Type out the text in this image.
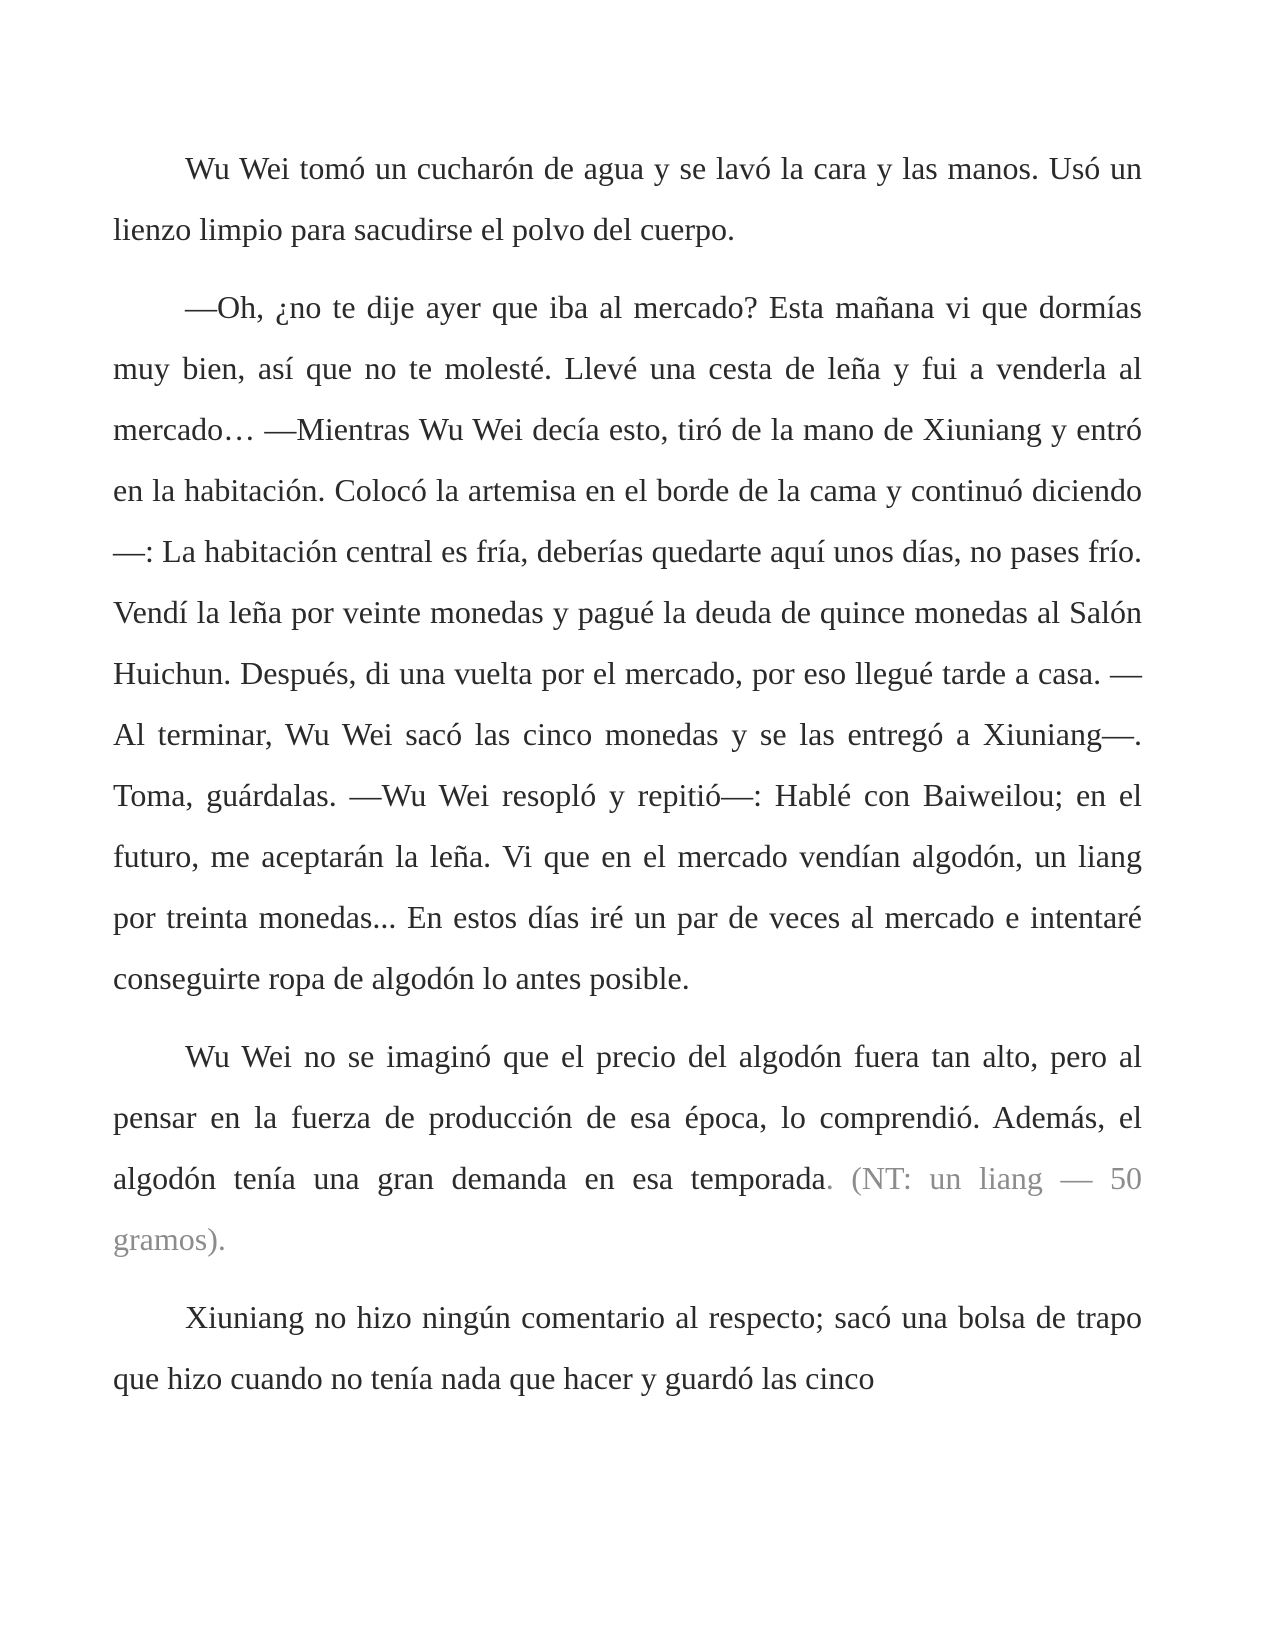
Wu Wei tomó un cucharón de agua y se lavó la cara y las manos. Usó un lienzo limpio para sacudirse el polvo del cuerpo.

—Oh, ¿no te dije ayer que iba al mercado? Esta mañana vi que dormías muy bien, así que no te molesté. Llevé una cesta de leña y fui a venderla al mercado… —Mientras Wu Wei decía esto, tiró de la mano de Xiuniang y entró en la habitación. Colocó la artemisa en el borde de la cama y continuó diciendo—: La habitación central es fría, deberías quedarte aquí unos días, no pases frío. Vendí la leña por veinte monedas y pagué la deuda de quince monedas al Salón Huichun. Después, di una vuelta por el mercado, por eso llegué tarde a casa. —Al terminar, Wu Wei sacó las cinco monedas y se las entregó a Xiuniang—. Toma, guárdalas. —Wu Wei resopló y repitió—: Hablé con Baiweilou; en el futuro, me aceptarán la leña. Vi que en el mercado vendían algodón, un liang por treinta monedas... En estos días iré un par de veces al mercado e intentaré conseguirte ropa de algodón lo antes posible.

Wu Wei no se imaginó que el precio del algodón fuera tan alto, pero al pensar en la fuerza de producción de esa época, lo comprendió. Además, el algodón tenía una gran demanda en esa temporada. (NT: un liang — 50 gramos).

Xiuniang no hizo ningún comentario al respecto; sacó una bolsa de trapo que hizo cuando no tenía nada que hacer y guardó las cinco
